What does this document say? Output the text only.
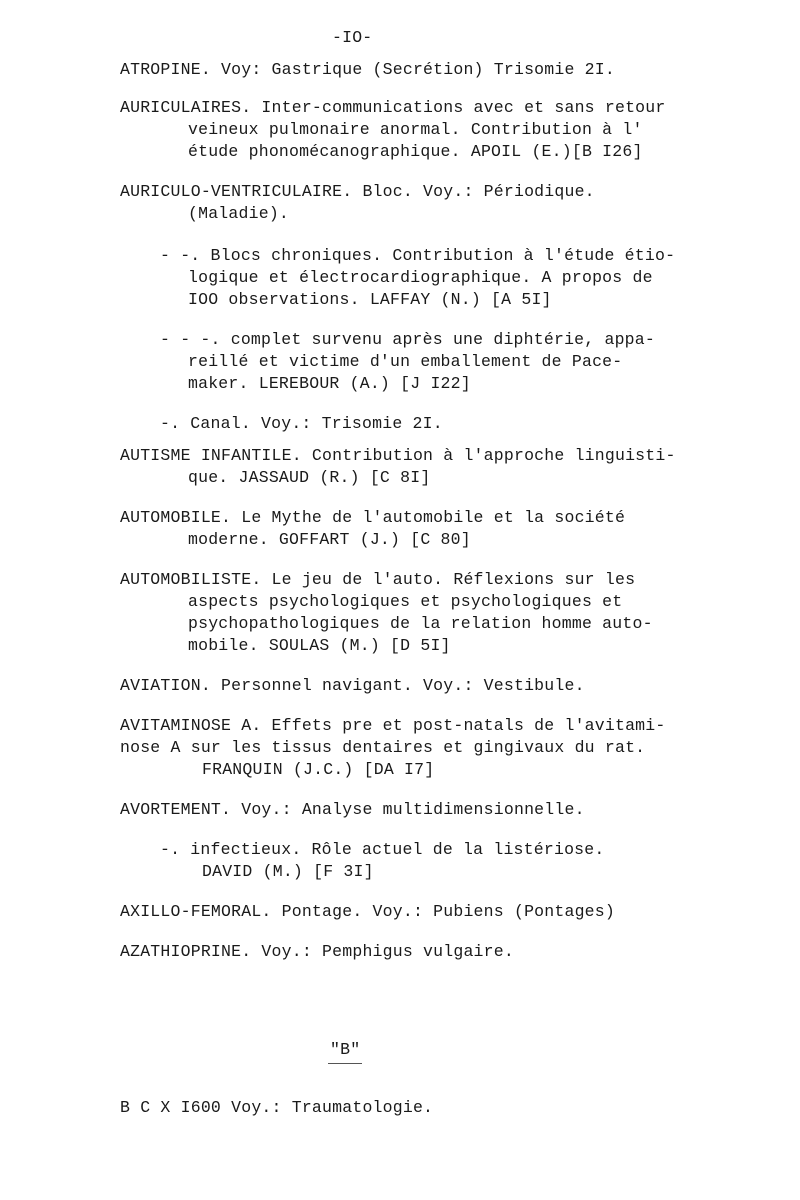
-IO-
ATROPINE. Voy: Gastrique (Secrétion) Trisomie 2I.
AURICULAIRES. Inter-communications avec et sans retour
veineux pulmonaire anormal. Contribution à l'
étude phonomécanographique. APOIL (E.)[B I26]
AURICULO-VENTRICULAIRE. Bloc. Voy.: Périodique.
(Maladie).
- -. Blocs chroniques. Contribution à l'étude étio-
logique et électrocardiographique. A propos de
IOO observations. LAFFAY (N.) [A 5I]
- - -. complet survenu après une diphtérie, appa-
reillé et victime d'un emballement de Pace-
maker. LEREBOUR (A.) [J I22]
-. Canal. Voy.: Trisomie 2I.
AUTISME INFANTILE. Contribution à l'approche linguisti-
que. JASSAUD (R.) [C 8I]
AUTOMOBILE. Le Mythe de l'automobile et la société
moderne. GOFFART (J.) [C 80]
AUTOMOBILISTE. Le jeu de l'auto. Réflexions sur les
aspects psychologiques et psychologiques et
psychopathologiques de la relation homme auto-
mobile. SOULAS (M.) [D 5I]
AVIATION. Personnel navigant. Voy.: Vestibule.
AVITAMINOSE A. Effets pre et post-natals de l'avitami-
nose A sur les tissus dentaires et gingivaux du rat.
FRANQUIN (J.C.) [DA I7]
AVORTEMENT. Voy.: Analyse multidimensionnelle.
-. infectieux. Rôle actuel de la listériose.
DAVID (M.) [F 3I]
AXILLO-FEMORAL. Pontage. Voy.: Pubiens (Pontages)
AZATHIOPRINE. Voy.: Pemphigus vulgaire.
"B"
B C X I600 Voy.: Traumatologie.
